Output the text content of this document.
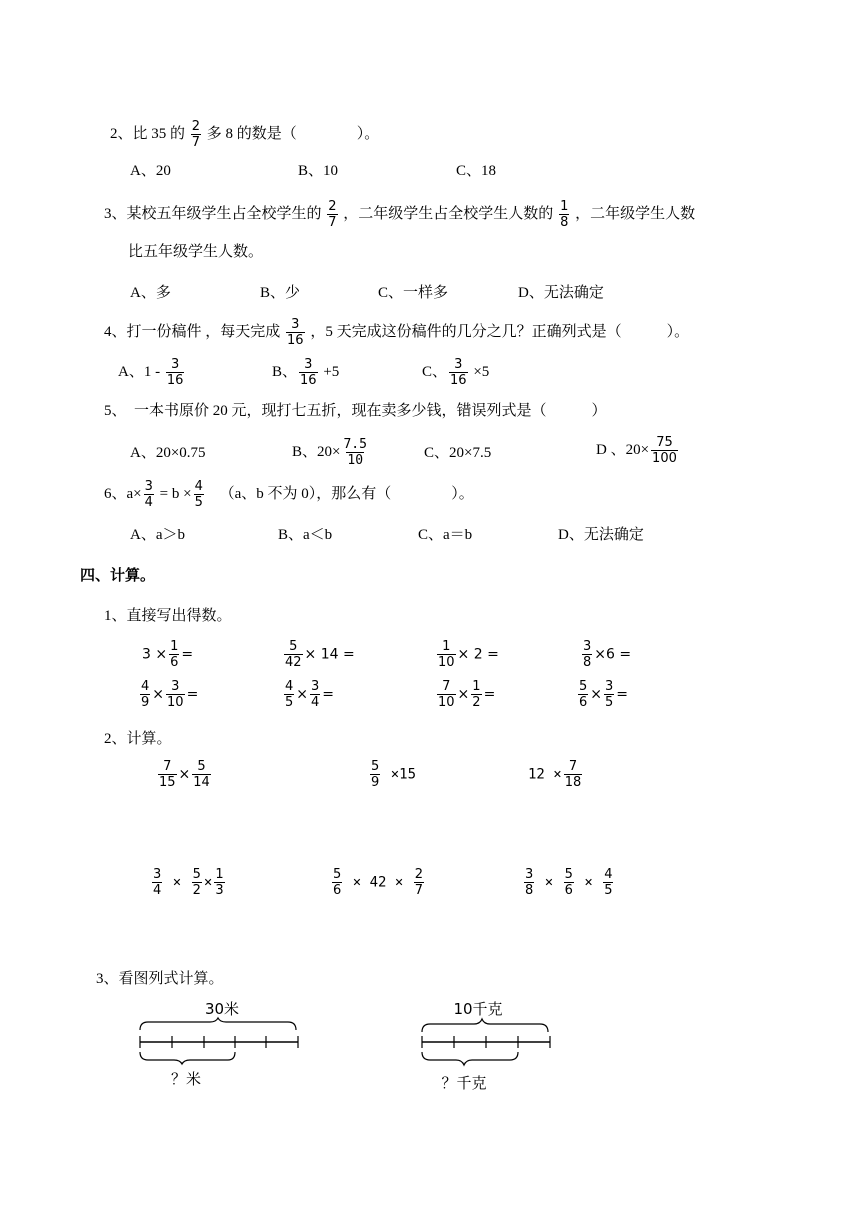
2、比 35 的 $\frac{2}{7}$ 多 8 的数是（　　　　）。
A、20	B、10	C、18
3、某校五年级学生占全校学生的 $\frac{2}{7}$ ，二年级学生占全校学生人数的 $\frac{1}{8}$ ，二年级学生人数
比五年级学生人数。
A、多	B、少	C、一样多	D、无法确定
4、打一份稿件 ，每天完成 $\frac{3}{16}$ ，5 天完成这份稿件的几分之几？正确列式是（　　　）。
A、$1 - \frac{3}{16}$	B、 $\frac{3}{16} +5$	C、 $\frac{3}{16} \times 5$
5、　一本书原价 20 元，现打七五折，现在卖多少钱，错误列式是（　　　）
A、20×0.75	B、$20\times \frac{7.5}{10}$	C、20×7.5	D 、$20\times \frac{75}{100}$
6、$a\times \frac{3}{4} = b \times \frac{4}{5} (a$、b 不为 0），那么有（　　　　）。
A、a＞b	B、a＜b	C、a＝b	D、无法确定
四、计算。
1、直接写出得数。
$3 \times \frac{1}{6}$ =	$\frac{5}{42} \times 14$ =	$\frac{1}{10} \times 2$ =	$\frac{3}{8} \times 6$ =
$\frac{4}{9} \times \frac{3}{10}$ =	$\frac{4}{5} \times \frac{3}{4}$ =	$\frac{7}{10} \times \frac{1}{2}$ =	$\frac{5}{6} \times \frac{3}{5}$ =
2、计算。
$\frac{7}{15} \times \frac{5}{14}$	$\frac{5}{9} \times 15$	$12 \times \frac{7}{18}$
$\frac{3}{4} \times \frac{5}{2} \times \frac{1}{3}$	$\frac{5}{6} \times 42 \times \frac{2}{7}$	$\frac{3}{8} \times \frac{5}{6} \times \frac{4}{5}$
3、看图列式计算。
30米
？米
10千克
？千克
